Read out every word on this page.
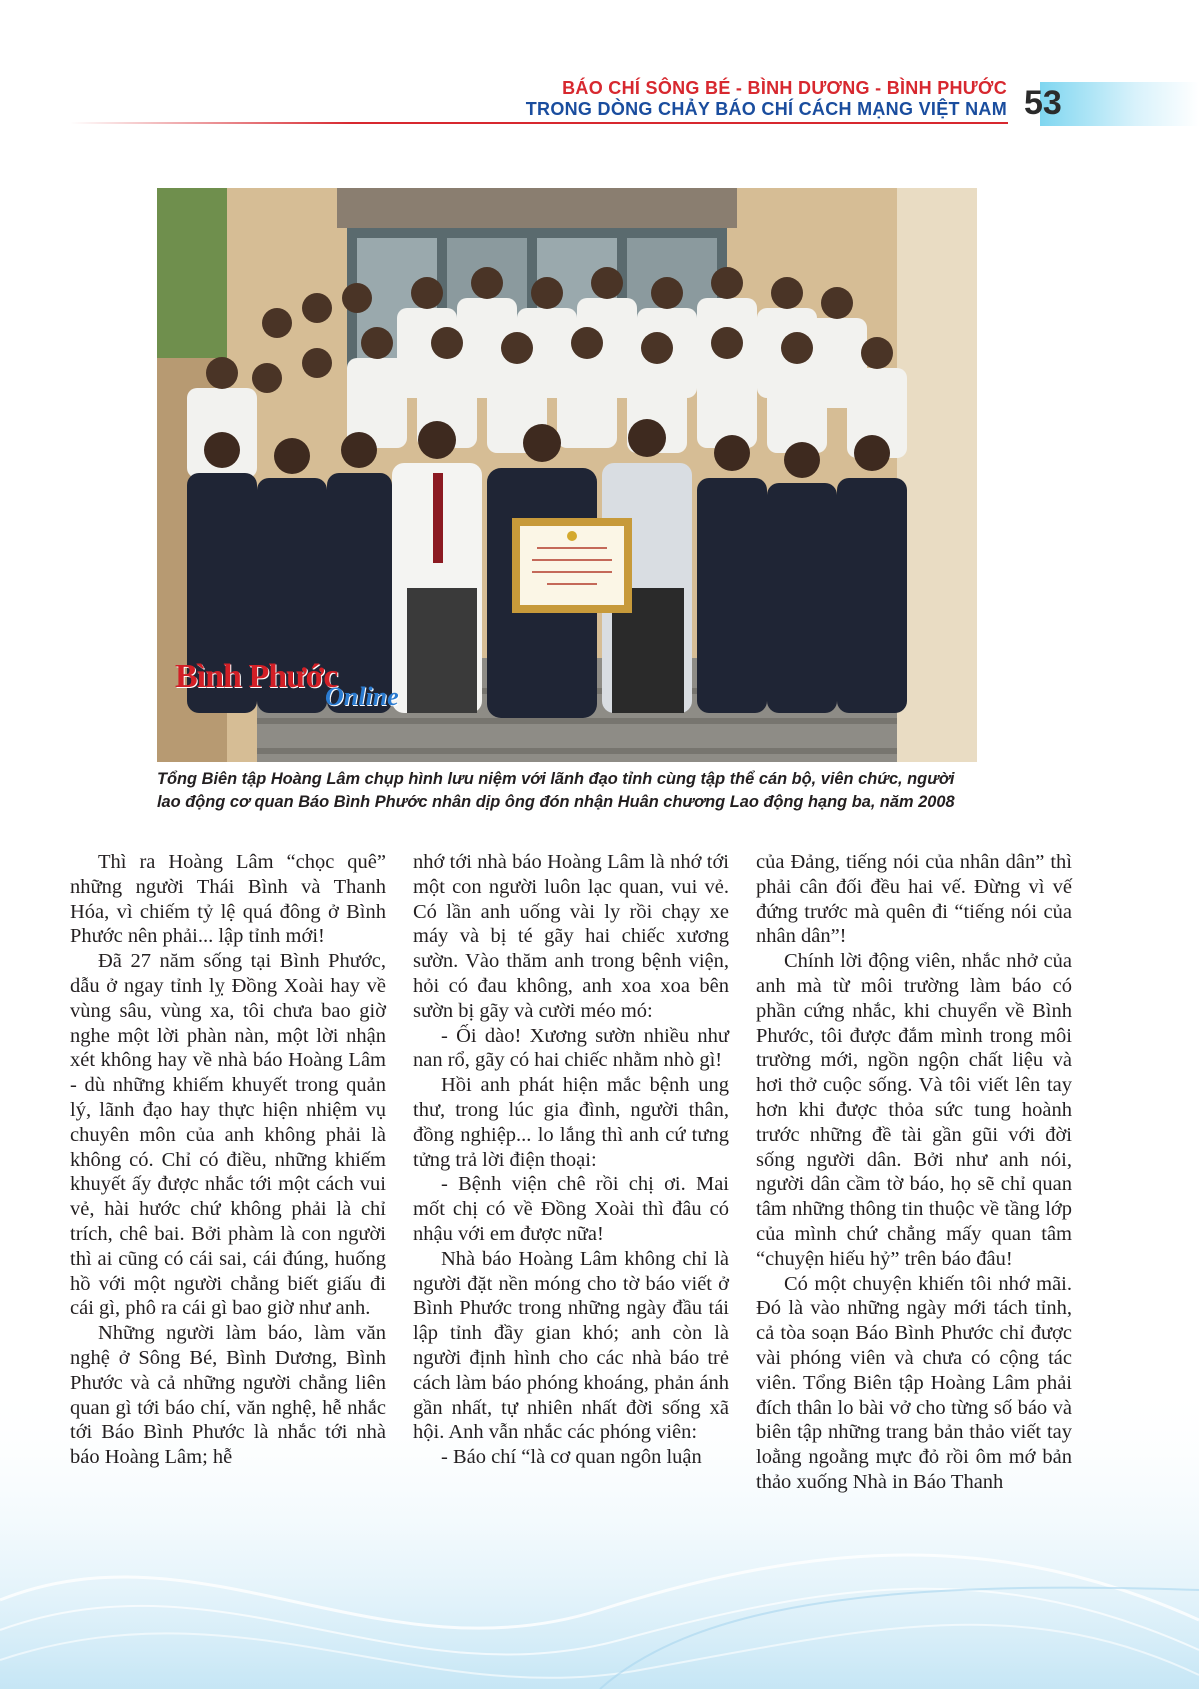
BÁO CHÍ SÔNG BÉ - BÌNH DƯƠNG - BÌNH PHƯỚC
TRONG DÒNG CHẢY BÁO CHÍ CÁCH MẠNG VIỆT NAM 53
Bình Phước
Online
Tổng Biên tập Hoàng Lâm chụp hình lưu niệm với lãnh đạo tỉnh cùng tập thể cán bộ, viên chức, người lao động cơ quan Báo Bình Phước nhân dịp ông đón nhận Huân chương Lao động hạng ba, năm 2008

Thì ra Hoàng Lâm “chọc quê” những người Thái Bình và Thanh Hóa, vì chiếm tỷ lệ quá đông ở Bình Phước nên phải... lập tỉnh mới!

Đã 27 năm sống tại Bình Phước, dẫu ở ngay tỉnh lỵ Đồng Xoài hay về vùng sâu, vùng xa, tôi chưa bao giờ nghe một lời phàn nàn, một lời nhận xét không hay về nhà báo Hoàng Lâm - dù những khiếm khuyết trong quản lý, lãnh đạo hay thực hiện nhiệm vụ chuyên môn của anh không phải là không có. Chỉ có điều, những khiếm khuyết ấy được nhắc tới một cách vui vẻ, hài hước chứ không phải là chỉ trích, chê bai. Bởi phàm là con người thì ai cũng có cái sai, cái đúng, huống hồ với một người chẳng biết giấu đi cái gì, phô ra cái gì bao giờ như anh.

Những người làm báo, làm văn nghệ ở Sông Bé, Bình Dương, Bình Phước và cả những người chẳng liên quan gì tới báo chí, văn nghệ, hễ nhắc tới Báo Bình Phước là nhắc tới nhà báo Hoàng Lâm; hễ

nhớ tới nhà báo Hoàng Lâm là nhớ tới một con người luôn lạc quan, vui vẻ. Có lần anh uống vài ly rồi chạy xe máy và bị té gãy hai chiếc xương sườn. Vào thăm anh trong bệnh viện, hỏi có đau không, anh xoa xoa bên sườn bị gãy và cười méo mó:

- Ối dào! Xương sườn nhiều như nan rổ, gãy có hai chiếc nhằm nhò gì!

Hồi anh phát hiện mắc bệnh ung thư, trong lúc gia đình, người thân, đồng nghiệp... lo lắng thì anh cứ tưng tửng trả lời điện thoại:

- Bệnh viện chê rồi chị ơi. Mai mốt chị có về Đồng Xoài thì đâu có nhậu với em được nữa!

Nhà báo Hoàng Lâm không chỉ là người đặt nền móng cho tờ báo viết ở Bình Phước trong những ngày đầu tái lập tỉnh đầy gian khó; anh còn là người định hình cho các nhà báo trẻ cách làm báo phóng khoáng, phản ánh gần nhất, tự nhiên nhất đời sống xã hội. Anh vẫn nhắc các phóng viên:

- Báo chí “là cơ quan ngôn luận

của Đảng, tiếng nói của nhân dân” thì phải cân đối đều hai vế. Đừng vì vế đứng trước mà quên đi “tiếng nói của nhân dân”!

Chính lời động viên, nhắc nhở của anh mà từ môi trường làm báo có phần cứng nhắc, khi chuyển về Bình Phước, tôi được đắm mình trong môi trường mới, ngồn ngộn chất liệu và hơi thở cuộc sống. Và tôi viết lên tay hơn khi được thỏa sức tung hoành trước những đề tài gần gũi với đời sống người dân. Bởi như anh nói, người dân cầm tờ báo, họ sẽ chỉ quan tâm những thông tin thuộc về tầng lớp của mình chứ chẳng mấy quan tâm “chuyện hiếu hỷ” trên báo đâu!

Có một chuyện khiến tôi nhớ mãi. Đó là vào những ngày mới tách tỉnh, cả tòa soạn Báo Bình Phước chỉ được vài phóng viên và chưa có cộng tác viên. Tổng Biên tập Hoàng Lâm phải đích thân lo bài vở cho từng số báo và biên tập những trang bản thảo viết tay loằng ngoằng mực đỏ rồi ôm mớ bản thảo xuống Nhà in Báo Thanh
